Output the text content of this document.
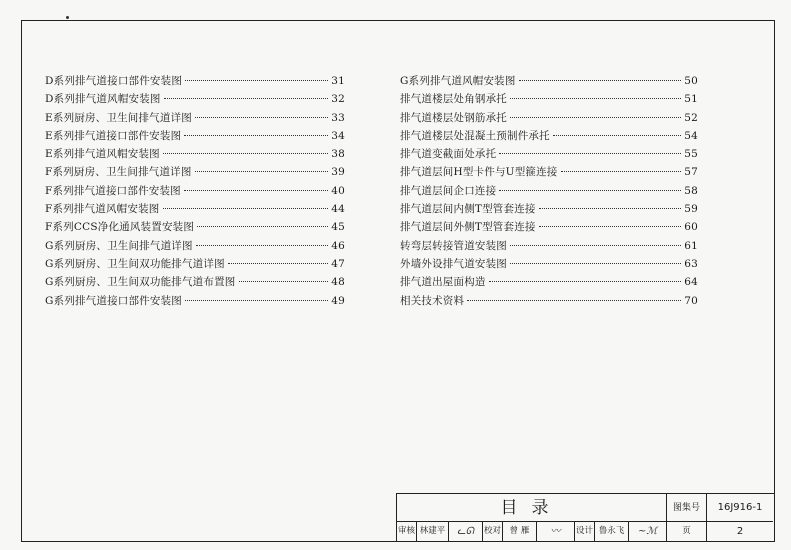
D系列排气道接口部件安装图	31
D系列排气道风帽安装图	32
E系列厨房、卫生间排气道详图	33
E系列排气道接口部件安装图	34
E系列排气道风帽安装图	38
F系列厨房、卫生间排气道详图	39
F系列排气道接口部件安装图	40
F系列排气道风帽安装图	44
F系列CCS净化通风装置安装图	45
G系列厨房、卫生间排气道详图	46
G系列厨房、卫生间双功能排气道详图	47
G系列厨房、卫生间双功能排气道布置图	48
G系列排气道接口部件安装图	49
G系列排气道风帽安装图	50
排气道楼层处角钢承托	51
排气道楼层处钢筋承托	52
排气道楼层处混凝土预制件承托	54
排气道变截面处承托	55
排气道层间H型卡件与U型箍连接	57
排气道层间企口连接	58
排气道层间内侧T型管套连接	59
排气道层间外侧T型管套连接	60
转弯层转接管道安装图	61
外墙外设排气道安装图	63
排气道出屋面构造	64
相关技术资料	70
目录	图集号	16J916-1
审核 林建平	ᓚᘏ	校对	曾 雁	〰	设计 鲁永飞	~ℳ	页	2
